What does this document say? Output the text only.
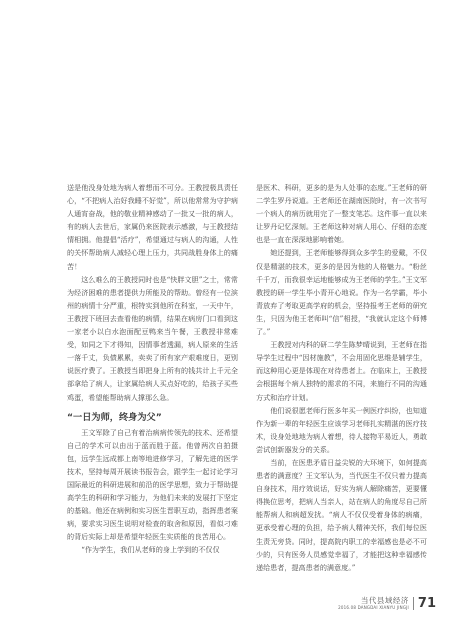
送是他没身处地为病人着想而不可分。王教授极具责任心，“不把病人治好我睡不好觉”，所以他常常为守护病人通宵奋战，他的敬业精神感动了一批又一批的病人，有的病人去世后，家属仍来医院表示感激，与王教授结情相拥。他提倡“活疗”，希望通过与病人的沟通，人性的关怀帮助病人减轻心理上压力，共同战胜身体上的痛苦！

这么难么的王教授同时也是“快胖文胆”之士，常常为经济困难的患者提供力所能及的帮助。曾经有一位滨州的病情十分严重，根特实到他所在科室，一天中午，王教授下班回去查看他的病情，结果在病房门口看到这一家老小以白水泡面配豆鸭来当午餐，王教授非常难受，如同之下才得知，因情事者透漏，病人原来的生活一落千丈，负债累累，卖卖了所有家产艰难度日，更别说医疗费了。王教授当即把身上所有的钱共计上千元全部拿给了病人，让家属给病人买点好吃的，给孩子买些鸡蛋，希望能帮助病人撑那么急。

“一日为师，终身为父”

王文军除了自己有着治病病传领先的技术、还希望自己的学术可以由出于蓝而胜于蓝。他曾两次自拍摄包，远学生远成都上南等地进修学习，了解先进的医学技术，坚持每周开展读书报告会，跟学生一起讨论学习国际最近的科研进展和前沿的医学思想，致力于帮助提高学生的科研和学习能力，为他们未来的发展打下坚定的基础。他还在病例和实习医生晋职互动，指挥患者案病，要求实习医生说明对检查的取舍和原因，看似刁难的背后实际上却是希望年轻医生实质能的良苦用心。

“作为学生，我们从老师的身上学到的不仅仅

是医术、科研，更多的是为人处事的态度。”王老师的研二学生罗丹说道。王老师还在湖南医院时，有一次书写一个病人的病历就用完了一整支笔芯。这件事一直以来让罗丹记忆深刻。王老师这种对病人用心、仔细的态度也是一直在深深地影响着她。

她还提到，王老师能够得到众多学生的爱戴，不仅仅是精湛的技术，更多的是因为他的人格魅力。“粉丝千千万，而我很幸运地能够成为王老师的学生。”王文军教授的研一学生毕小青开心地说。作为一名学霸，毕小青放弃了考取更高学府的机会，坚持报考王老师的研究生，只因为他王老师叫“信”相授，“我就认定这个师傅了。”

王教授对内科的研二学生陈梦晴说到，王老师在指导学生过程中“因材施教”，不会用固化思维是辅学生，而这种用心更是体现在对待患者上。在临床上，王教授会根据每个病人独特的需求的不同，来施行不同的沟通方式和治疗计划。

他们说很愿老师行医多年买一例医疗纠纷，也知道作为新一辈的年轻医生应该学习老师扎实精湛的医疗技术，设身处地地为病人着想，待人接物平易近人，勇敢尝试创新器发分的关系。

当前，在医患矛盾日益尖锐的大环境下，如何提高患者的满意度？王文军认为，当代医生不仅只着力提高自身技术，用疗效说话，好实为病人解除痛苦，更要懂得换位思考，把病人当亲人，站在病人的角度尽自己所能帮病人和病超发扰。“病人不仅仅受着身体的病痛，更承受着心理的负担，给予病人精神关怀，我们每位医生责无旁贷。同时，提高院内职工的幸福感也是必不可少的，只有医务人员感觉幸福了，才能把这种幸福感传递给患者，提高患者的满意度。”

当代县域经济
2016.08 DANGDAI XIANYU JINGJI 71
